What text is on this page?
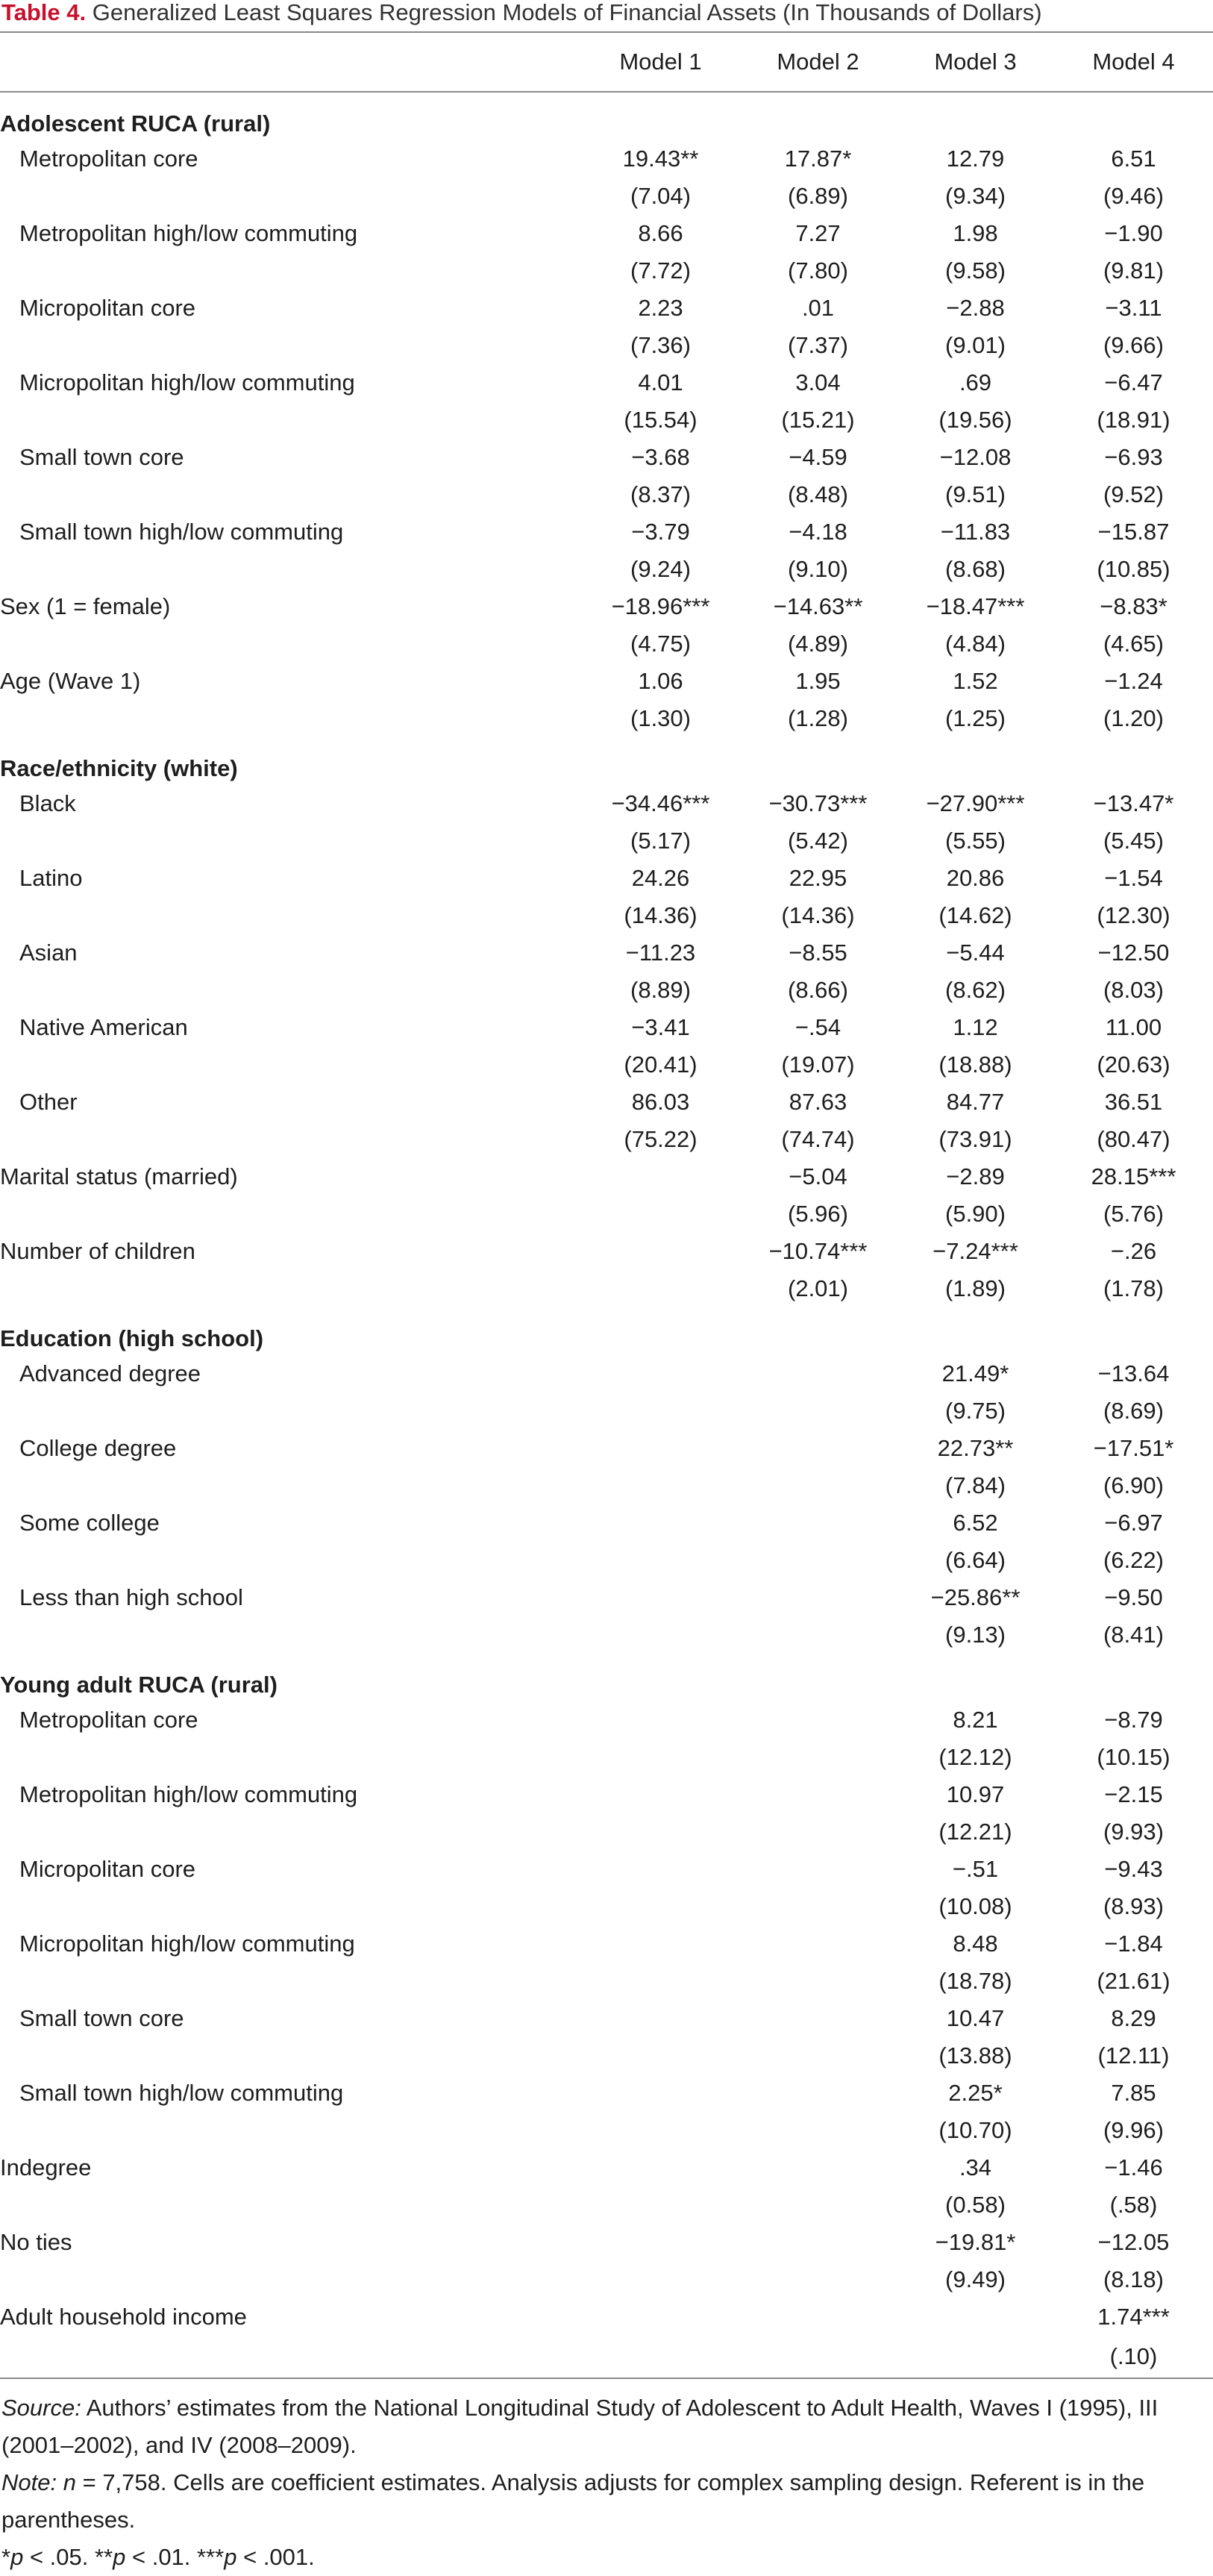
Table 4. Generalized Least Squares Regression Models of Financial Assets (In Thousands of Dollars)
	Model 1	Model 2	Model 3	Model 4
Adolescent RUCA (rural)				
Metropolitan core	19.43**	17.87*	12.79	6.51
	(7.04)	(6.89)	(9.34)	(9.46)
Metropolitan high/low commuting	8.66	7.27	1.98	−1.90
	(7.72)	(7.80)	(9.58)	(9.81)
Micropolitan core	2.23	.01	−2.88	−3.11
	(7.36)	(7.37)	(9.01)	(9.66)
Micropolitan high/low commuting	4.01	3.04	.69	−6.47
	(15.54)	(15.21)	(19.56)	(18.91)
Small town core	−3.68	−4.59	−12.08	−6.93
	(8.37)	(8.48)	(9.51)	(9.52)
Small town high/low commuting	−3.79	−4.18	−11.83	−15.87
	(9.24)	(9.10)	(8.68)	(10.85)
Sex (1 = female)	−18.96***	−14.63**	−18.47***	−8.83*
	(4.75)	(4.89)	(4.84)	(4.65)
Age (Wave 1)	1.06	1.95	1.52	−1.24
	(1.30)	(1.28)	(1.25)	(1.20)
Race/ethnicity (white)				
Black	−34.46***	−30.73***	−27.90***	−13.47*
	(5.17)	(5.42)	(5.55)	(5.45)
Latino	24.26	22.95	20.86	−1.54
	(14.36)	(14.36)	(14.62)	(12.30)
Asian	−11.23	−8.55	−5.44	−12.50
	(8.89)	(8.66)	(8.62)	(8.03)
Native American	−3.41	−.54	1.12	11.00
	(20.41)	(19.07)	(18.88)	(20.63)
Other	86.03	87.63	84.77	36.51
	(75.22)	(74.74)	(73.91)	(80.47)
Marital status (married)		−5.04	−2.89	28.15***
		(5.96)	(5.90)	(5.76)
Number of children		−10.74***	−7.24***	−.26
		(2.01)	(1.89)	(1.78)
Education (high school)				
Advanced degree			21.49*	−13.64
			(9.75)	(8.69)
College degree			22.73**	−17.51*
			(7.84)	(6.90)
Some college			6.52	−6.97
			(6.64)	(6.22)
Less than high school			−25.86**	−9.50
			(9.13)	(8.41)
Young adult RUCA (rural)				
Metropolitan core			8.21	−8.79
			(12.12)	(10.15)
Metropolitan high/low commuting			10.97	−2.15
			(12.21)	(9.93)
Micropolitan core			−.51	−9.43
			(10.08)	(8.93)
Micropolitan high/low commuting			8.48	−1.84
			(18.78)	(21.61)
Small town core			10.47	8.29
			(13.88)	(12.11)
Small town high/low commuting			2.25*	7.85
			(10.70)	(9.96)
Indegree			.34	−1.46
			(0.58)	(.58)
No ties			−19.81*	−12.05
			(9.49)	(8.18)
Adult household income				1.74***
				(.10)

Source: Authors’ estimates from the National Longitudinal Study of Adolescent to Adult Health, Waves I (1995), III (2001–2002), and IV (2008–2009).

Note: n = 7,758. Cells are coefficient estimates. Analysis adjusts for complex sampling design. Referent is in the parentheses.

*p < .05. **p < .01. ***p < .001.
